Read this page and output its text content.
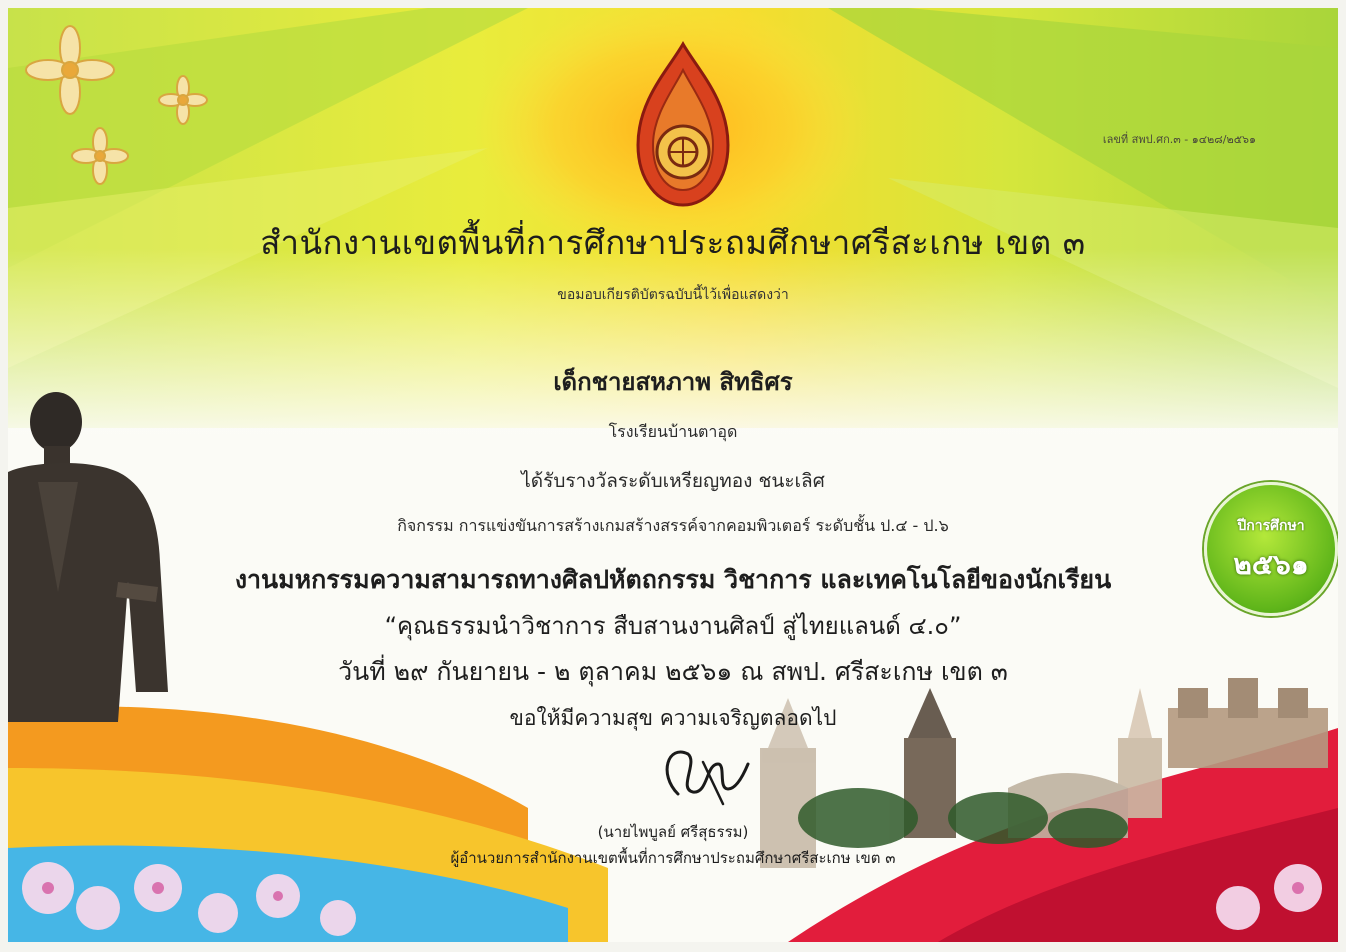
เลขที่ สพป.ศก.๓ - ๑๔๒๘/๒๕๖๑
สำนักงานเขตพื้นที่การศึกษาประถมศึกษาศรีสะเกษ เขต ๓
ขอมอบเกียรติบัตรฉบับนี้ไว้เพื่อแสดงว่า
เด็กชายสหภาพ สิทธิศร
โรงเรียนบ้านตาอุด
ได้รับรางวัลระดับเหรียญทอง ชนะเลิศ
กิจกรรม การแข่งขันการสร้างเกมสร้างสรรค์จากคอมพิวเตอร์ ระดับชั้น ป.๔ - ป.๖
งานมหกรรมความสามารถทางศิลปหัตถกรรม วิชาการ และเทคโนโลยีของนักเรียน
“คุณธรรมนำวิชาการ สืบสานงานศิลป์ สู่ไทยแลนด์ ๔.๐”
วันที่ ๒๙ กันยายน - ๒ ตุลาคม ๒๕๖๑ ณ สพป. ศรีสะเกษ เขต ๓
ขอให้มีความสุข ความเจริญตลอดไป
(นายไพบูลย์ ศรีสุธรรม)
ผู้อำนวยการสำนักงานเขตพื้นที่การศึกษาประถมศึกษาศรีสะเกษ เขต ๓
ปีการศึกษา
๒๕๖๑
